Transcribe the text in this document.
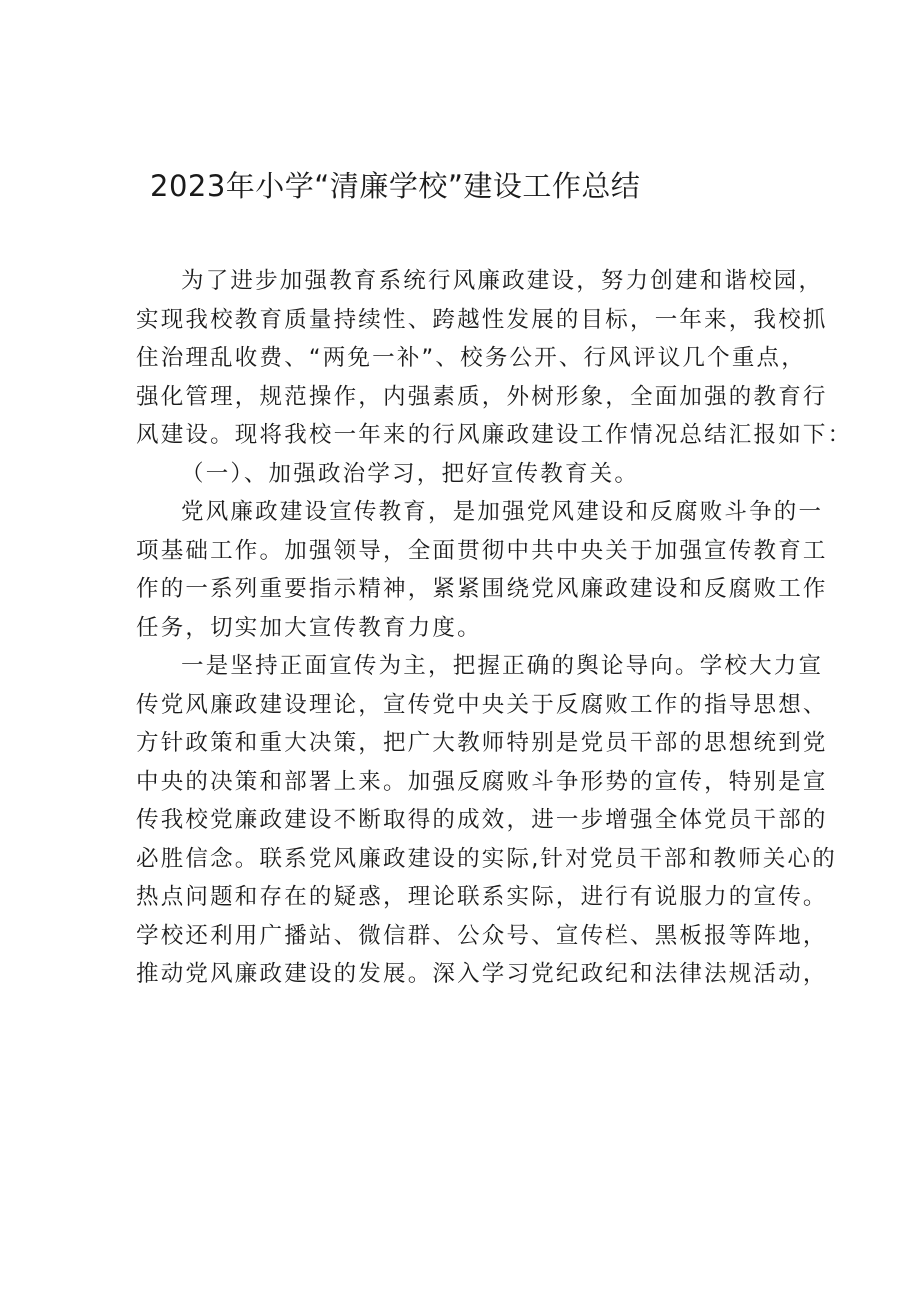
2023年小学“清廉学校”建设工作总结

为了进步加强教育系统行风廉政建设，努力创建和谐校园，
实现我校教育质量持续性、跨越性发展的目标，一年来，我校抓
住治理乱收费、“两免一补”、校务公开、行风评议几个重点，
强化管理，规范操作，内强素质，外树形象，全面加强的教育行
风建设。现将我校一年来的行风廉政建设工作情况总结汇报如下：

（一）、加强政治学习，把好宣传教育关。

党风廉政建设宣传教育，是加强党风建设和反腐败斗争的一
项基础工作。加强领导，全面贯彻中共中央关于加强宣传教育工
作的一系列重要指示精神，紧紧围绕党风廉政建设和反腐败工作
任务，切实加大宣传教育力度。

一是坚持正面宣传为主，把握正确的舆论导向。学校大力宣
传党风廉政建设理论，宣传党中央关于反腐败工作的指导思想、
方针政策和重大决策，把广大教师特别是党员干部的思想统到党
中央的决策和部署上来。加强反腐败斗争形势的宣传，特别是宣
传我校党廉政建设不断取得的成效，进一步增强全体党员干部的
必胜信念。联系党风廉政建设的实际,针对党员干部和教师关心的
热点问题和存在的疑惑，理论联系实际，进行有说服力的宣传。
学校还利用广播站、微信群、公众号、宣传栏、黑板报等阵地，
推动党风廉政建设的发展。深入学习党纪政纪和法律法规活动，
